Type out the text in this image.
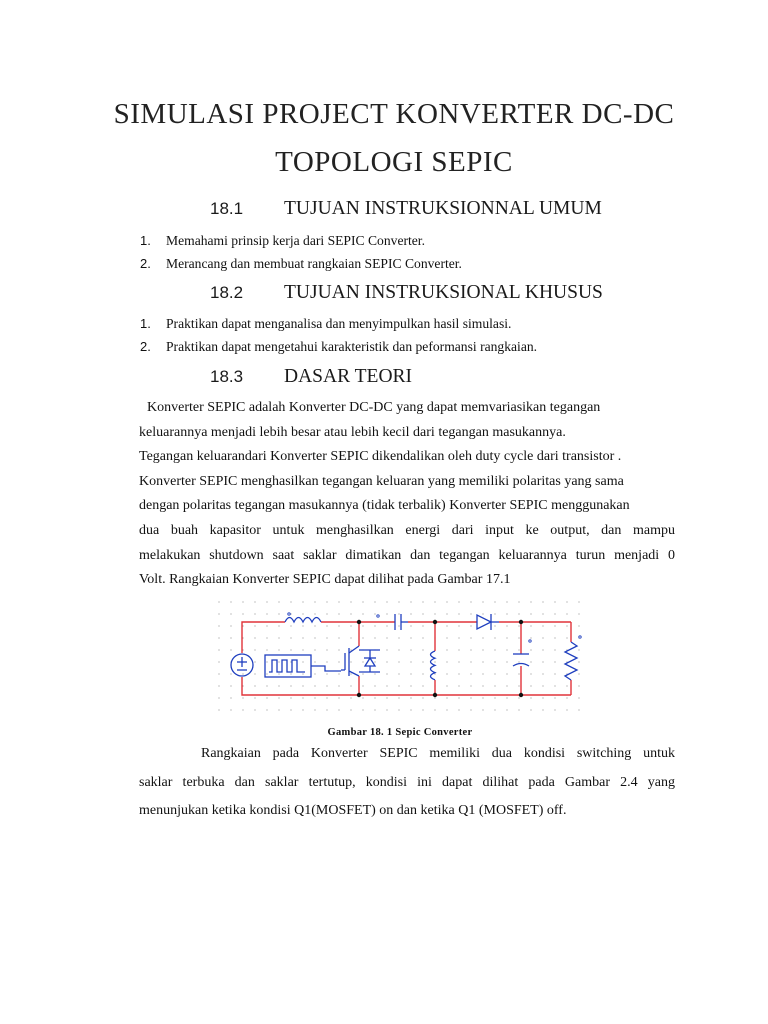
SIMULASI PROJECT KONVERTER DC-DC
TOPOLOGI SEPIC
18.1 TUJUAN INSTRUKSIONNAL UMUM
1. Memahami prinsip kerja dari SEPIC Converter.
2. Merancang dan membuat rangkaian SEPIC Converter.
18.2 TUJUAN INSTRUKSIONAL KHUSUS
1. Praktikan dapat menganalisa dan menyimpulkan hasil simulasi.
2. Praktikan dapat mengetahui karakteristik dan peformansi rangkaian.
18.3 DASAR TEORI
Konverter SEPIC adalah Konverter DC-DC yang dapat memvariasikan tegangan
keluarannya menjadi lebih besar atau lebih kecil dari tegangan masukannya.
Tegangan keluarandari Konverter SEPIC dikendalikan oleh duty cycle dari transistor .
Konverter SEPIC menghasilkan tegangan keluaran yang memiliki polaritas yang sama
dengan polaritas tegangan masukannya (tidak terbalik) Konverter SEPIC menggunakan
dua buah kapasitor untuk menghasilkan energi dari input ke output, dan mampu
melakukan shutdown saat saklar dimatikan dan tegangan keluarannya turun menjadi 0
Volt. Rangkaian Konverter SEPIC dapat dilihat pada Gambar 17.1
Gambar 18. 1 Sepic Converter
Rangkaian pada Konverter SEPIC memiliki dua kondisi switching untuk
saklar terbuka dan saklar tertutup, kondisi ini dapat dilihat pada Gambar 2.4 yang
menunjukan ketika kondisi Q1(MOSFET) on dan ketika Q1 (MOSFET) off.
